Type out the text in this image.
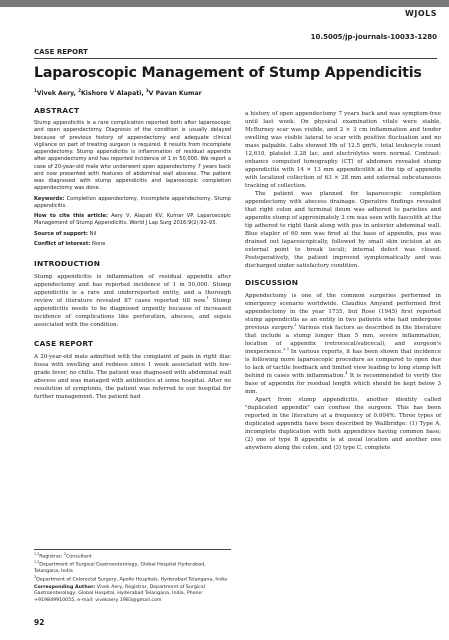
WJOLS
10.5005/jp-journals-10033-1280
CASE REPORT
Laparoscopic Management of Stump Appendicitis
$^1$Vivek Aery, $^2$Kishore V Alapati, $^3$V Pavan Kumar
ABSTRACT

Stump appendicitis is a rare complication reported both after laparoscopic and open appendectomy. Diagnosis of the condition is usually delayed because of previous history of appendectomy and adequate clinical vigilance on part of treating surgeon is required. It results from incomplete appendectomy. Stump appendicitis is inflammation of residual appendix after appendectomy and has reported incidence of 1 in 50,000. We report a case of 20-year-old male who underwent open appendectomy 7 years back and now presented with features of abdominal wall abscess. The patient was diagnosed with stump appendicitis and laparoscopic completion appendectomy was done.

Keywords: Completion appendectomy, Incomplete appendectomy, Stump appendicitis.

How to cite this article: Aery V, Alapati KV, Kumar VP. Laparoscopic Management of Stump Appendicitis. World J Lap Surg 2016;9(2):92-93.

Source of support: Nil

Conflict of interest: None

INTRODUCTION

Stump appendicitis is inflammation of residual appendix after appendectomy and has reported incidence of 1 in 50,000. Stump appendicitis is a rare and underreported entity, and a thorough review of literature revealed 87 cases reported till now.$^1$ Stump appendicitis needs to be diagnosed urgently because of increased incidence of complications like perforation, abscess, and sepsis associated with the condition.

CASE REPORT

A 20-year-old male admitted with the complaint of pain in right iliac fossa with swelling and redness since 1 week associated with low-grade fever, no chills. The patient was diagnosed with abdominal wall abscess and was managed with antibiotics at some hospital. After no resolution of symptoms, the patient was referred to our hospital for further management. The patient had

$^{1,3}$Registrar; $^2$Consultant

$^{1,3}$Department of Surgical Gastroenterology, Global Hospital Hyderabad, Telangana, India

$^2$Department of Colorectal Surgery, Apollo Hospitals, Hyderabad Telangana, India

Corresponding Author: Vivek Aery, Registrar, Department of Surgical Gastroenterology, Global Hospital, Hyderabad Telangana, India, Phone: +919849910055, e-mail: vivekaery 1983@gmail.com

92

a history of open appendectomy 7 years back and was symptom-free until last week. On physical examination vitals were stable, McBurney scar was visible, and 2 × 3 cm inflammation and tender swelling was visible lateral to scar with positive fluctuation and no mass palpable. Labs showed Hb of 12.5 gm%, total leukocyte count 12,610, platelet 3.28 lac, and electrolytes were normal. Contrast-enhance computed tomography (CT) of abdomen revealed stump appendicitis with 14 × 13 mm appendicolith at the tip of appendix with localized collection of 63 × 28 mm and external subcutaneous tracking of collection.

The patient was planned for laparoscopic completion appendectomy with abscess drainage. Operative findings revealed that right colon and terminal ileum was adhered to parieties and appendix stump of approximately 3 cm was seen with faecolith at the tip adhered to right flank along with pus in anterior abdominal wall. Blue stapler of 60 mm was fired at the base of appendix, pus was drained out laparoscopically, followed by small skin incision at an external point to break loculi; internal defect was closed. Postoperatively, the patient improved symptomatically and was discharged under satisfactory condition.

DISCUSSION

Appendectomy is one of the common surgeries performed in emergency scenario worldwide. Claudius Amyand performed first appendectomy in the year 1735, but Rose (1945) first reported stump appendicitis as an entity in two patients who had undergone previous surgery.$^2$ Various risk factors as described in the literature that include a stump longer than 5 mm, severe inflammation, location of appendix (retrocecal/subcecal), and surgeon's inexperience.$^{2,3}$ In various reports, it has been shown that incidence is following more laparoscopic procedure as compared to open due to lack of tactile feedback and limited view leading to long stump left behind in cases with inflammation.$^4$ It is recommended to verify the base of appendix for residual length which should be kept below 3 mm.

Apart from stump appendicitis, another identity called "duplicated appendix" can confuse the surgeon. This has been reported in the literature at a frequency of 0.004%. Three types of duplicated appendix have been described by Wallbridge: (1) Type A, incomplete duplication with both appendices having common base; (2) one of type B appendix is at usual location and another one anywhere along the colon, and (3) type C, complete
